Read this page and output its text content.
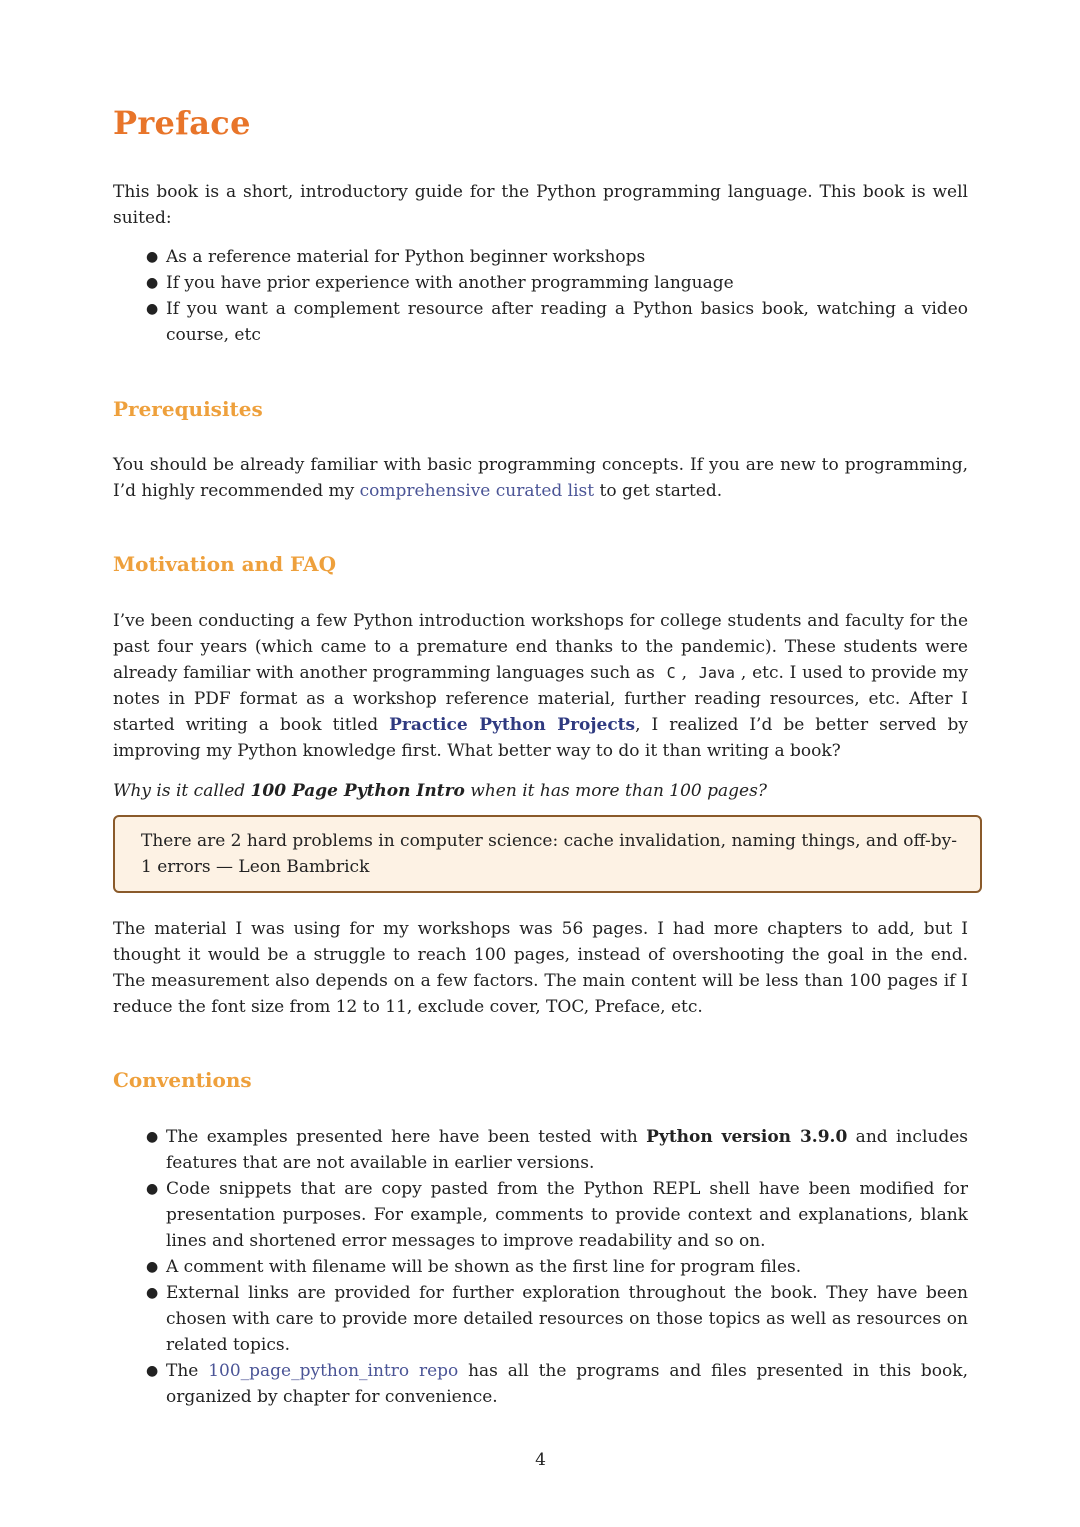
Preface

This book is a short, introductory guide for the Python programming language. This book is well suited:

● As a reference material for Python beginner workshops
● If you have prior experience with another programming language
● If you want a complement resource after reading a Python basics book, watching a video course, etc
Prerequisites

You should be already familiar with basic programming concepts. If you are new to programming, I’d highly recommended my comprehensive curated list to get started.

Motivation and FAQ

I’ve been conducting a few Python introduction workshops for college students and faculty for the past four years (which came to a premature end thanks to the pandemic). These students were already familiar with another programming languages such as C , Java , etc. I used to provide my notes in PDF format as a workshop reference material, further reading resources, etc. After I started writing a book titled Practice Python Projects, I realized I’d be better served by improving my Python knowledge first. What better way to do it than writing a book?

Why is it called 100 Page Python Intro when it has more than 100 pages?

There are 2 hard problems in computer science: cache invalidation, naming things, and off-by-1 errors — Leon Bambrick

The material I was using for my workshops was 56 pages. I had more chapters to add, but I thought it would be a struggle to reach 100 pages, instead of overshooting the goal in the end. The measurement also depends on a few factors. The main content will be less than 100 pages if I reduce the font size from 12 to 11, exclude cover, TOC, Preface, etc.

Conventions
● The examples presented here have been tested with Python version 3.9.0 and includes features that are not available in earlier versions.
● Code snippets that are copy pasted from the Python REPL shell have been modified for presentation purposes. For example, comments to provide context and explanations, blank lines and shortened error messages to improve readability and so on.
● A comment with filename will be shown as the first line for program files.
● External links are provided for further exploration throughout the book. They have been chosen with care to provide more detailed resources on those topics as well as resources on related topics.
● The 100_page_python_intro repo has all the programs and files presented in this book, organized by chapter for convenience.
4
